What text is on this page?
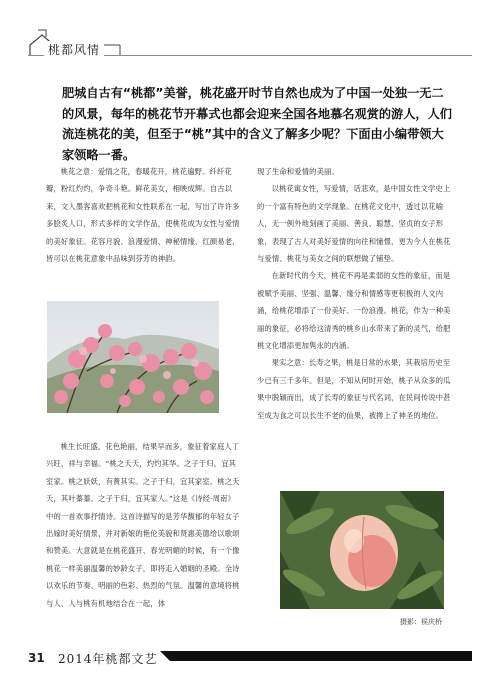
桃都风情
肥城自古有“桃都”美誉，桃花盛开时节自然也成为了中国一处独一无二的风景，每年的桃花节开幕式也都会迎来全国各地慕名观赏的游人，人们流连桃花的美，但至于“桃”其中的含义了解多少呢？下面由小编带领大家领略一番。

桃花之意：爱情之花，春暖花开，桃花遍野。纤纤花瓣，粉红灼灼，争奇斗艳。鲜花美女，相映成辉。自古以来，文人墨客喜欢把桃花和女性联系在一起，写出了许许多多脍炙人口，形式多样的文学作品，使桃花成为女性与爱情的美好象征。花容月貌、浪漫爱情、神秘情缘、红颜易老，皆可以在桃花意象中品味到芬芳的神韵。

桃生长旺盛，花色艳丽，结果早而多，象征着家庭人丁兴旺、祥与幸福。“桃之夭夭，灼灼其华。之子于归，宜其室家。桃之妖妖，有蕡其实。之子于归，宜其家室。桃之夭夭，其叶蓁蓁。之子于归，宜其家人。”这是《诗经·周南》中的一首欢事抒情诗。这首诗描写的是芳华馥郁的年轻女子出嫁时美好情景，并对新娘的艳伦美貌和贤惠美德给以歌颂和赞美。大意就是在桃花盛开、春光明媚的时候，有一个像桃花一样美丽温馨的妙龄女子，即将走入婚姻的圣殿。全诗以欢乐的节奏、明丽的色彩、热烈的气氛。温馨的意境将桃与人、人与桃有机地结合在一起，体

现了生命和爱情的美丽。

以桃花寓女性，写爱情，话悲欢，是中国女性文学史上的一个富有特色的文学现象。在桃花文化中，透过以花喻人，无一例外地刻画了美丽、善良、聪慧、坚贞的女子形象，表现了古人对美好爱情的向往和憧憬，更为今人在桃花与爱情、桃花与美女之间的联想做了铺垫。

在新时代的今天，桃花不再是柔弱的女性的象征，而是被赋予美丽、坚强、温馨、缘分和情感等更积极的人文内涵，给桃花增添了一份美好、一份浪漫。桃花，作为一种美丽的象征，必将给这清秀的桃乡山水带来了新的灵气，给肥桃文化增添更加隽永的内涵。

果实之意：长寿之果，桃是日常的水果，其栽培历史至少已有三千多年。但是，不知从何时开始，桃子从众多的瓜果中脱颖而出，成了长寿的象征与代名词，在民间传说中甚至成为食之可以长生不老的仙果，被搀上了神圣的地位。

摄影：侯庆桥
31 2014年桃都文艺
